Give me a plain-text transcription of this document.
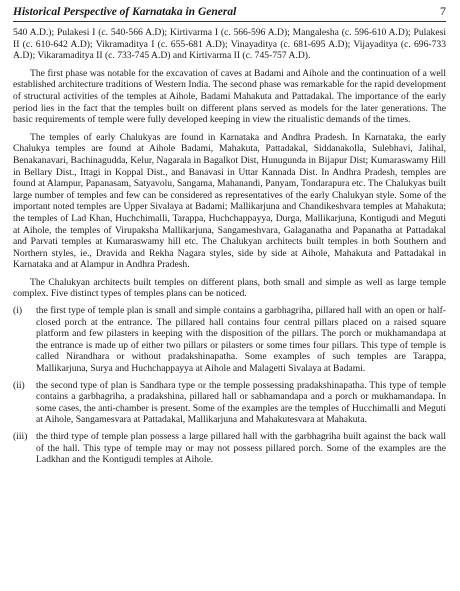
Historical Perspective of Karnataka in General	7

540 A.D.); Pulakesi I (c. 540-566 A.D); Kirtivarma I (c. 566-596 A.D); Mangalesha (c. 596-610 A.D); Pulakesi II (c. 610-642 A.D); Vikramaditya I (c. 655-681 A.D); Vinayaditya (c. 681-695 A.D); Vijayaditya (c. 696-733 A.D); Vikaramaditya II (c. 733-745 A.D) and Kirtivarma II (c. 745-757 A.D).

The first phase was notable for the excavation of caves at Badami and Aihole and the continuation of a well established architecture traditions of Western India. The second phase was remarkable for the rapid development of structural activities of the temples at Aihole, Badami Mahakuta and Pattadakal. The importance of the early period lies in the fact that the temples built on different plans served as models for the later generations. The basic requirements of temple were fully developed keeping in view the ritualistic demands of the times.

The temples of early Chalukyas are found in Karnataka and Andhra Pradesh. In Karnataka, the early Chalukya temples are found at Aihole Badami, Mahakuta, Pattadakal, Siddanakolla, Sulebhavi, Jalihal, Benakanavari, Bachinagudda, Kelur, Nagarala in Bagalkot Dist, Hunugunda in Bijapur Dist; Kumaraswamy Hill in Bellary Dist., Ittagi in Koppal Dist., and Banavasi in Uttar Kannada Dist. In Andhra Pradesh, temples are found at Alampur, Papanasam, Satyavolu, Sangama, Mahanandi, Panyam, Tondarapura etc. The Chalukyas built large number of temples and few can be considered as representatives of the early Chalukyan style. Some of the important noted temples are Upper Sivalaya at Badami; Mallikarjuna and Chandikeshvara temples at Mahakuta; the temples of Lad Khan, Huchchimalli, Tarappa, Huchchappayya, Durga, Mallikarjuna, Kontigudi and Meguti at Aihole, the temples of Virupaksha Mallikarjuna, Sangameshvara, Galaganatha and Papanatha at Pattadakal and Parvati temples at Kumaraswamy hill etc. The Chalukyan architects built temples in both Southern and Northern styles, ie., Dravida and Rekha Nagara styles, side by side at Aihole, Mahakuta and Pattadakal in Karnataka and at Alampur in Andhra Pradesh.

The Chalukyan architects built temples on different plans, both small and simple as well as large temple complex. Five distinct types of temples plans can be noticed.

(i)	the first type of temple plan is small and simple contains a garbhagriha, pillared hall with an open or half-closed porch at the entrance. The pillared hall contains four central pillars placed on a raised square platform and few pilasters in keeping with the disposition of the pillars. The porch or mukhamandapa at the entrance is made up of either two pillars or pilasters or some times four pillars. This type of temple is called Nirandhara or without pradakshinapatha. Some examples of such temples are Tarappa, Mallikarjuna, Surya and Huchchappayya at Aihole and Malagetti Sivalaya at Badami.
(ii)	the second type of plan is Sandhara type or the temple possessing pradakshinapatha. This type of temple contains a garbhagriha, a pradakshina, pillared hall or sabhamandapa and a porch or mukhamandapa. In some cases, the anti-chamber is present. Some of the examples are the temples of Hucchimalli and Meguti at Aihole, Sangamesvara at Pattadakal, Mallikarjuna and Mahakutesvara at Mahakuta.
(iii) the third type of temple plan possess a large pillared hall with the garbhagriha built against the back wall of the hall. This type of temple may or may not possess pillared porch. Some of the examples are the Ladkhan and the Kontigudi temples at Aihole.
